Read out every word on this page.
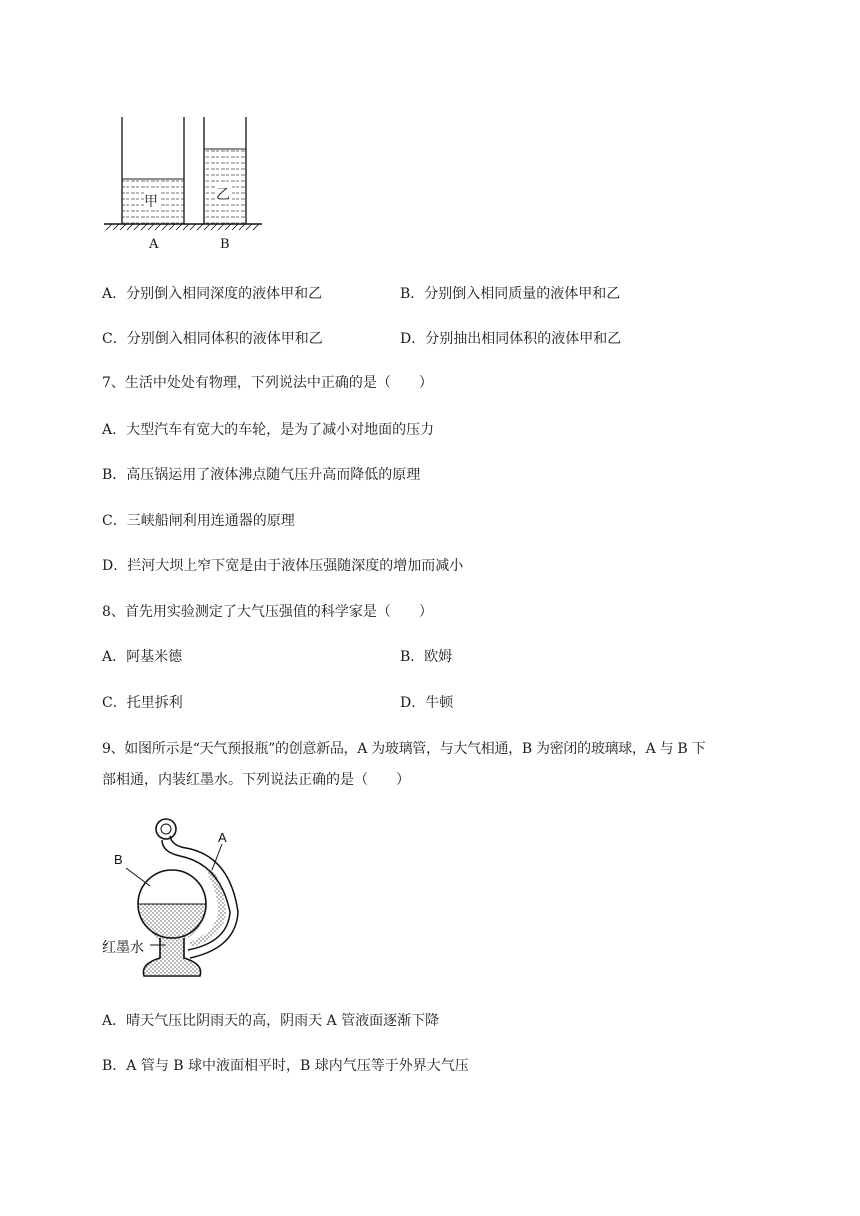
甲	乙
A	B
A．分别倒入相同深度的液体甲和乙	B．分别倒入相同质量的液体甲和乙
C．分别倒入相同体积的液体甲和乙	D．分别抽出相同体积的液体甲和乙
7、生活中处处有物理，下列说法中正确的是（　　）
A．大型汽车有宽大的车轮，是为了减小对地面的压力
B．高压锅运用了液体沸点随气压升高而降低的原理
C．三峡船闸利用连通器的原理
D．拦河大坝上窄下宽是由于液体压强随深度的增加而减小
8、首先用实验测定了大气压强值的科学家是（　　）
A．阿基米德	B．欧姆
C．托里拆利	D．牛顿
9、如图所示是“天气预报瓶”的创意新品，A 为玻璃管，与大气相通，B 为密闭的玻璃球，A 与 B 下
部相通，内装红墨水。下列说法正确的是（　　）
A
B
红墨水
A．晴天气压比阴雨天的高，阴雨天 A 管液面逐渐下降
B．A 管与 B 球中液面相平时，B 球内气压等于外界大气压
